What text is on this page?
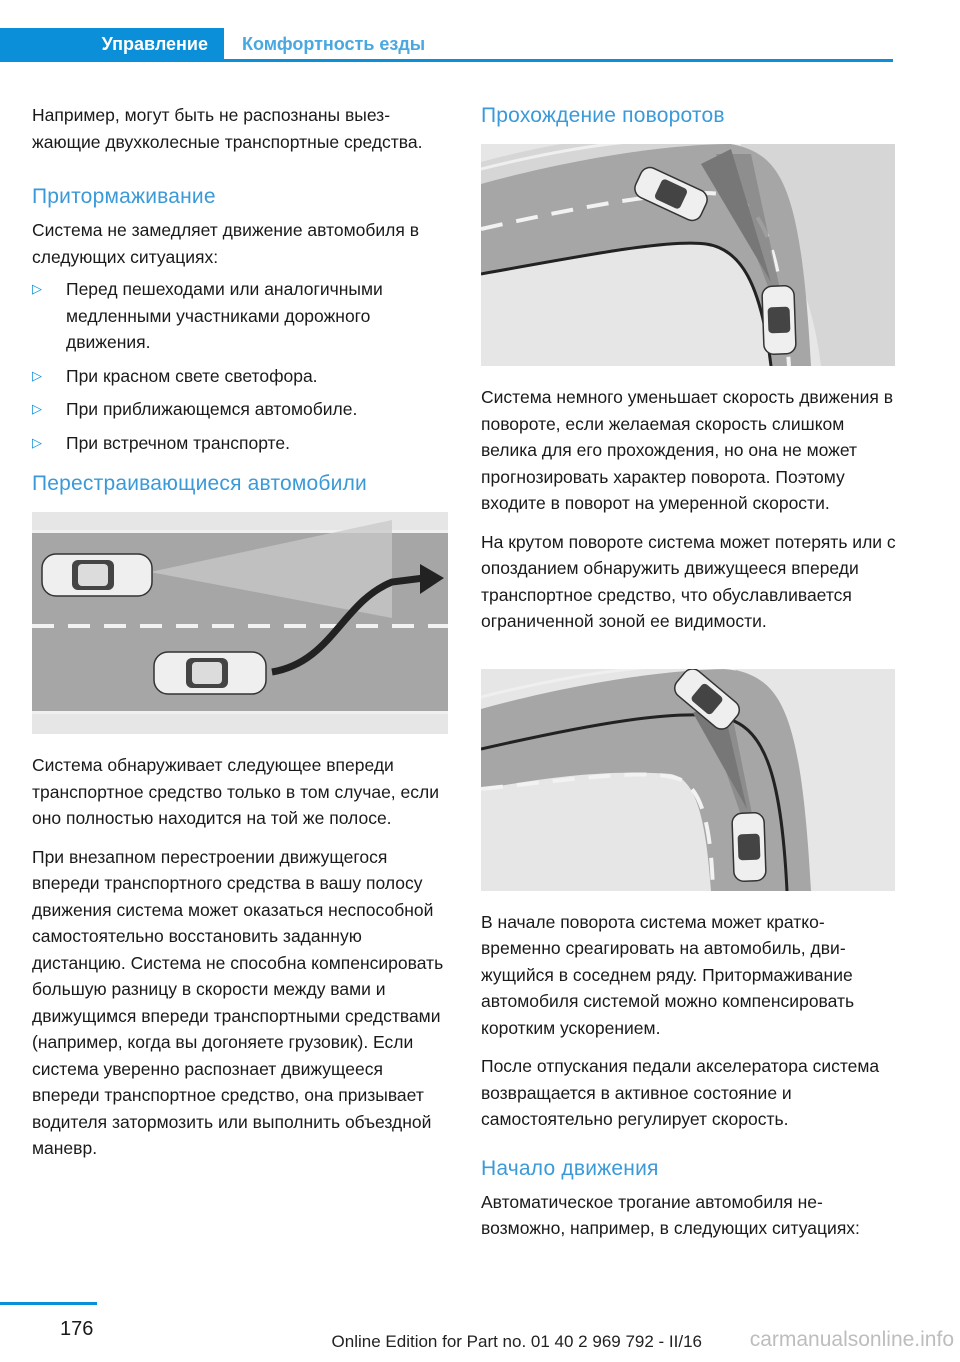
Управление Комфортность езды

Например, могут быть не распознаны выезжающие двухколесные транспортные средства.

Притормаживание

Система не замедляет движение автомобиля в следующих ситуациях:

▷ Перед пешеходами или аналогичными медленными участниками дорожного движения.
▷ При красном свете светофора.
▷ При приближающемся автомобиле.
▷ При встречном транспорте.
Перестраивающиеся автомобили

Система обнаруживает следующее впереди транспортное средство только в том случае, если оно полностью находится на той же полосе.

При внезапном перестроении движущегося впереди транспортного средства в вашу полосу движения система может оказаться неспособной самостоятельно восстановить заданную дистанцию. Система не способна компенсировать большую разницу в скорости между вами и движущимся впереди транспортными средствами (например, когда вы догоняете грузовик). Если система уверенно распознает движущееся впереди транспортное средство, она призывает водителя затормозить или выполнить объездной маневр.

Прохождение поворотов

Система немного уменьшает скорость движения в повороте, если желаемая скорость слишком велика для его прохождения, но она не может прогнозировать характер поворота. Поэтому входите в поворот на умеренной скорости.

На крутом повороте система может потерять или с опозданием обнаружить движущееся впереди транспортное средство, что обуславливается ограниченной зоной ее видимости.

В начале поворота система может кратковременно среагировать на автомобиль, движущийся в соседнем ряду. Притормаживание автомобиля системой можно компенсировать коротким ускорением.

После отпускания педали акселератора система возвращается в активное состояние и самостоятельно регулирует скорость.

Начало движения

Автоматическое трогание автомобиля невозможно, например, в следующих ситуациях:

176
Online Edition for Part no. 01 40 2 969 792 - II/16 carmanualsonline.info
